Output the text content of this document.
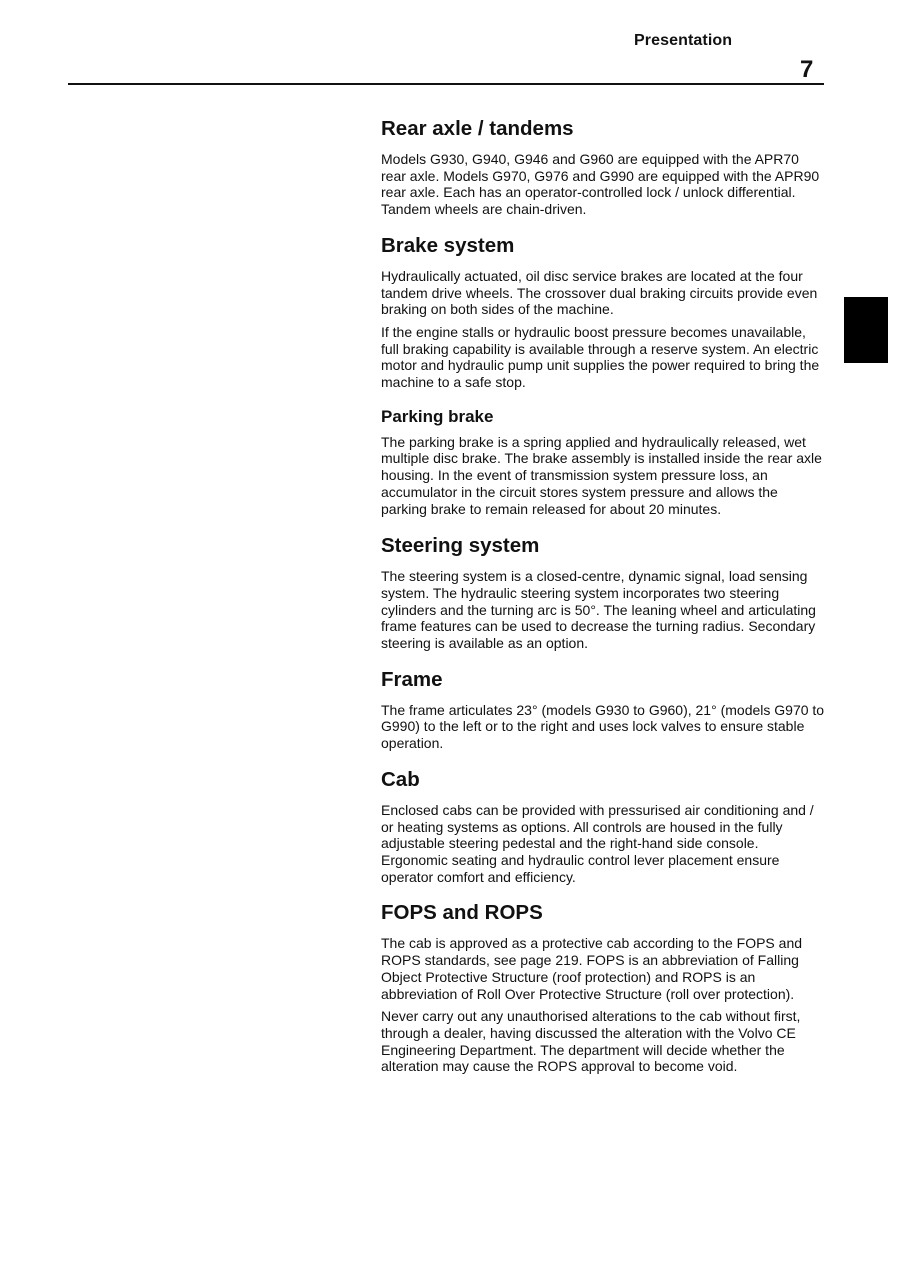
Presentation
7
Rear axle / tandems
Models G930, G940, G946 and G960 are equipped with the APR70 rear axle. Models G970, G976 and G990 are equipped with the APR90 rear axle. Each has an operator-controlled lock / unlock differential. Tandem wheels are chain-driven.
Brake system
Hydraulically actuated, oil disc service brakes are located at the four tandem drive wheels. The crossover dual braking circuits provide even braking on both sides of the machine.
If the engine stalls or hydraulic boost pressure becomes unavailable, full braking capability is available through a reserve system. An electric motor and hydraulic pump unit supplies the power required to bring the machine to a safe stop.
Parking brake
The parking brake is a spring applied and hydraulically released, wet multiple disc brake. The brake assembly is installed inside the rear axle housing. In the event of transmission system pressure loss, an accumulator in the circuit stores system pressure and allows the parking brake to remain released for about 20 minutes.
Steering system
The steering system is a closed-centre, dynamic signal, load sensing system. The hydraulic steering system incorporates two steering cylinders and the turning arc is 50°. The leaning wheel and articulating frame features can be used to decrease the turning radius. Secondary steering is available as an option.
Frame
The frame articulates 23° (models G930 to G960), 21° (models G970 to G990) to the left or to the right and uses lock valves to ensure stable operation.
Cab
Enclosed cabs can be provided with pressurised air conditioning and / or heating systems as options. All controls are housed in the fully adjustable steering pedestal and the right-hand side console. Ergonomic seating and hydraulic control lever placement ensure operator comfort and efficiency.
FOPS and ROPS
The cab is approved as a protective cab according to the FOPS and ROPS standards, see page 219. FOPS is an abbreviation of Falling Object Protective Structure (roof protection) and ROPS is an abbreviation of Roll Over Protective Structure (roll over protection).
Never carry out any unauthorised alterations to the cab without first, through a dealer, having discussed the alteration with the Volvo CE Engineering Department. The department will decide whether the alteration may cause the ROPS approval to become void.
